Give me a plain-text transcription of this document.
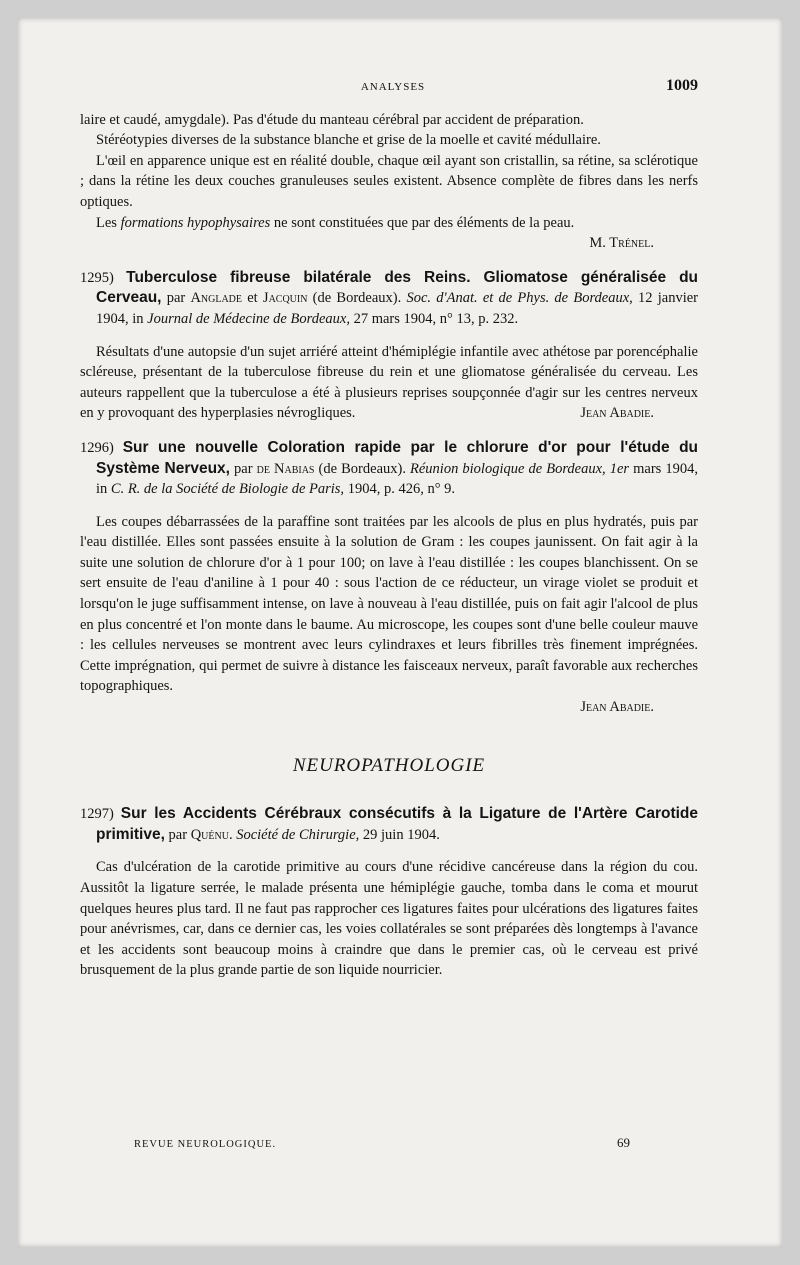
ANALYSES	1009

laire et caudé, amygdale). Pas d'étude du manteau cérébral par accident de préparation.

Stéréotypies diverses de la substance blanche et grise de la moelle et cavité médullaire.

L'œil en apparence unique est en réalité double, chaque œil ayant son cristallin, sa rétine, sa sclérotique ; dans la rétine les deux couches granuleuses seules existent. Absence complète de fibres dans les nerfs optiques.

Les formations hypophysaires ne sont constituées que par des éléments de la peau.
M. Trénel.

1295) Tuberculose fibreuse bilatérale des Reins. Gliomatose généralisée du Cerveau, par Anglade et Jacquin (de Bordeaux). Soc. d'Anat. et de Phys. de Bordeaux, 12 janvier 1904, in Journal de Médecine de Bordeaux, 27 mars 1904, n° 13, p. 232.

Résultats d'une autopsie d'un sujet arriéré atteint d'hémiplégie infantile avec athétose par porencéphalie scléreuse, présentant de la tuberculose fibreuse du rein et une gliomatose généralisée du cerveau. Les auteurs rappellent que la tuberculose a été à plusieurs reprises soupçonnée d'agir sur les centres nerveux en y provoquant des hyperplasies névrogliques.	Jean Abadie.

1296) Sur une nouvelle Coloration rapide par le chlorure d'or pour l'étude du Système Nerveux, par de Nabias (de Bordeaux). Réunion biologique de Bordeaux, 1er mars 1904, in C. R. de la Société de Biologie de Paris, 1904, p. 426, n° 9.

Les coupes débarrassées de la paraffine sont traitées par les alcools de plus en plus hydratés, puis par l'eau distillée. Elles sont passées ensuite à la solution de Gram : les coupes jaunissent. On fait agir à la suite une solution de chlorure d'or à 1 pour 100; on lave à l'eau distillée : les coupes blanchissent. On se sert ensuite de l'eau d'aniline à 1 pour 40 : sous l'action de ce réducteur, un virage violet se produit et lorsqu'on le juge suffisamment intense, on lave à nouveau à l'eau distillée, puis on fait agir l'alcool de plus en plus concentré et l'on monte dans le baume. Au microscope, les coupes sont d'une belle couleur mauve : les cellules nerveuses se montrent avec leurs cylindraxes et leurs fibrilles très finement imprégnées. Cette imprégnation, qui permet de suivre à distance les faisceaux nerveux, paraît favorable aux recherches topographiques.

Jean Abadie.

NEUROPATHOLOGIE
1297) Sur les Accidents Cérébraux consécutifs à la Ligature de l'Artère Carotide primitive, par Quénu. Société de Chirurgie, 29 juin 1904.

Cas d'ulcération de la carotide primitive au cours d'une récidive cancéreuse dans la région du cou. Aussitôt la ligature serrée, le malade présenta une hémiplégie gauche, tomba dans le coma et mourut quelques heures plus tard. Il ne faut pas rapprocher ces ligatures faites pour ulcérations des ligatures faites pour anévrismes, car, dans ce dernier cas, les voies collatérales se sont préparées dès longtemps à l'avance et les accidents sont beaucoup moins à craindre que dans le premier cas, où le cerveau est privé brusquement de la plus grande partie de son liquide nourricier.

REVUE NEUROLOGIQUE.	69
